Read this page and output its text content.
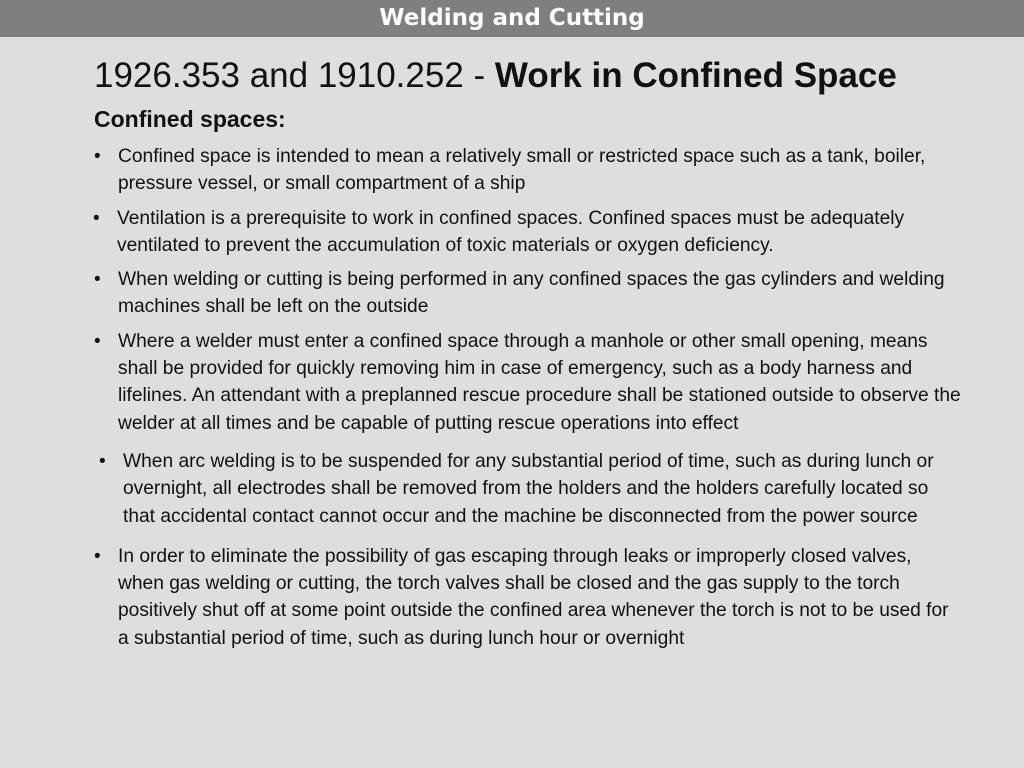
Welding and Cutting
1926.353 and 1910.252 - Work in Confined Space
Confined spaces:
• Confined space is intended to mean a relatively small or restricted space such as a tank, boiler, pressure vessel, or small compartment of a ship
• Ventilation is a prerequisite to work in confined spaces. Confined spaces must be adequately ventilated to prevent the accumulation of toxic materials or oxygen deficiency.
• When welding or cutting is being performed in any confined spaces the gas cylinders and welding machines shall be left on the outside
• Where a welder must enter a confined space through a manhole or other small opening, means shall be provided for quickly removing him in case of emergency, such as a body harness and lifelines. An attendant with a preplanned rescue procedure shall be stationed outside to observe the welder at all times and be capable of putting rescue operations into effect
• When arc welding is to be suspended for any substantial period of time, such as during lunch or overnight, all electrodes shall be removed from the holders and the holders carefully located so that accidental contact cannot occur and the machine be disconnected from the power source
• In order to eliminate the possibility of gas escaping through leaks or improperly closed valves, when gas welding or cutting, the torch valves shall be closed and the gas supply to the torch positively shut off at some point outside the confined area whenever the torch is not to be used for a substantial period of time, such as during lunch hour or overnight
